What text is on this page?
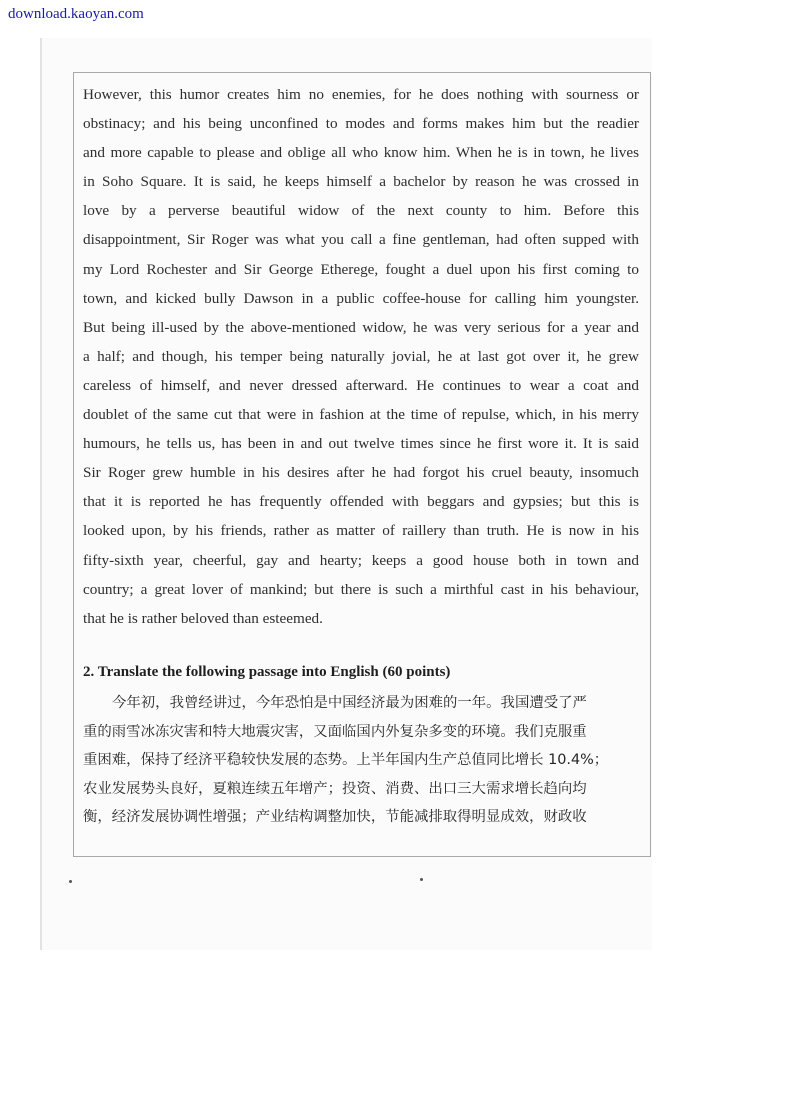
download.kaoyan.com
However, this humor creates him no enemies, for he does nothing with sourness or
obstinacy; and his being unconfined to modes and forms makes him but the readier
and more capable to please and oblige all who know him. When he is in town, he lives
in Soho Square. It is said, he keeps himself a bachelor by reason he was crossed in
love by a perverse beautiful widow of the next county to him. Before this
disappointment, Sir Roger was what you call a fine gentleman, had often supped with
my Lord Rochester and Sir George Etherege, fought a duel upon his first coming to
town, and kicked bully Dawson in a public coffee-house for calling him youngster.
But being ill-used by the above-mentioned widow, he was very serious for a year and
a half; and though, his temper being naturally jovial, he at last got over it, he grew
careless of himself, and never dressed afterward. He continues to wear a coat and
doublet of the same cut that were in fashion at the time of repulse, which, in his merry
humours, he tells us, has been in and out twelve times since he first wore it. It is said
Sir Roger grew humble in his desires after he had forgot his cruel beauty, insomuch
that it is reported he has frequently offended with beggars and gypsies; but this is
looked upon, by his friends, rather as matter of raillery than truth. He is now in his
fifty-sixth year, cheerful, gay and hearty; keeps a good house both in town and
country; a great lover of mankind; but there is such a mirthful cast in his behaviour,
that he is rather beloved than esteemed.
2. Translate the following passage into English (60 points)
今年初，我曾经讲过，今年恐怕是中国经济最为困难的一年。我国遭受了严
重的雨雪冰冻灾害和特大地震灾害，又面临国内外复杂多变的环境。我们克服重
重困难，保持了经济平稳较快发展的态势。上半年国内生产总值同比增长 10.4%；
农业发展势头良好，夏粮连续五年增产；投资、消费、出口三大需求增长趋向均
衡，经济发展协调性增强；产业结构调整加快，节能减排取得明显成效，财政收
